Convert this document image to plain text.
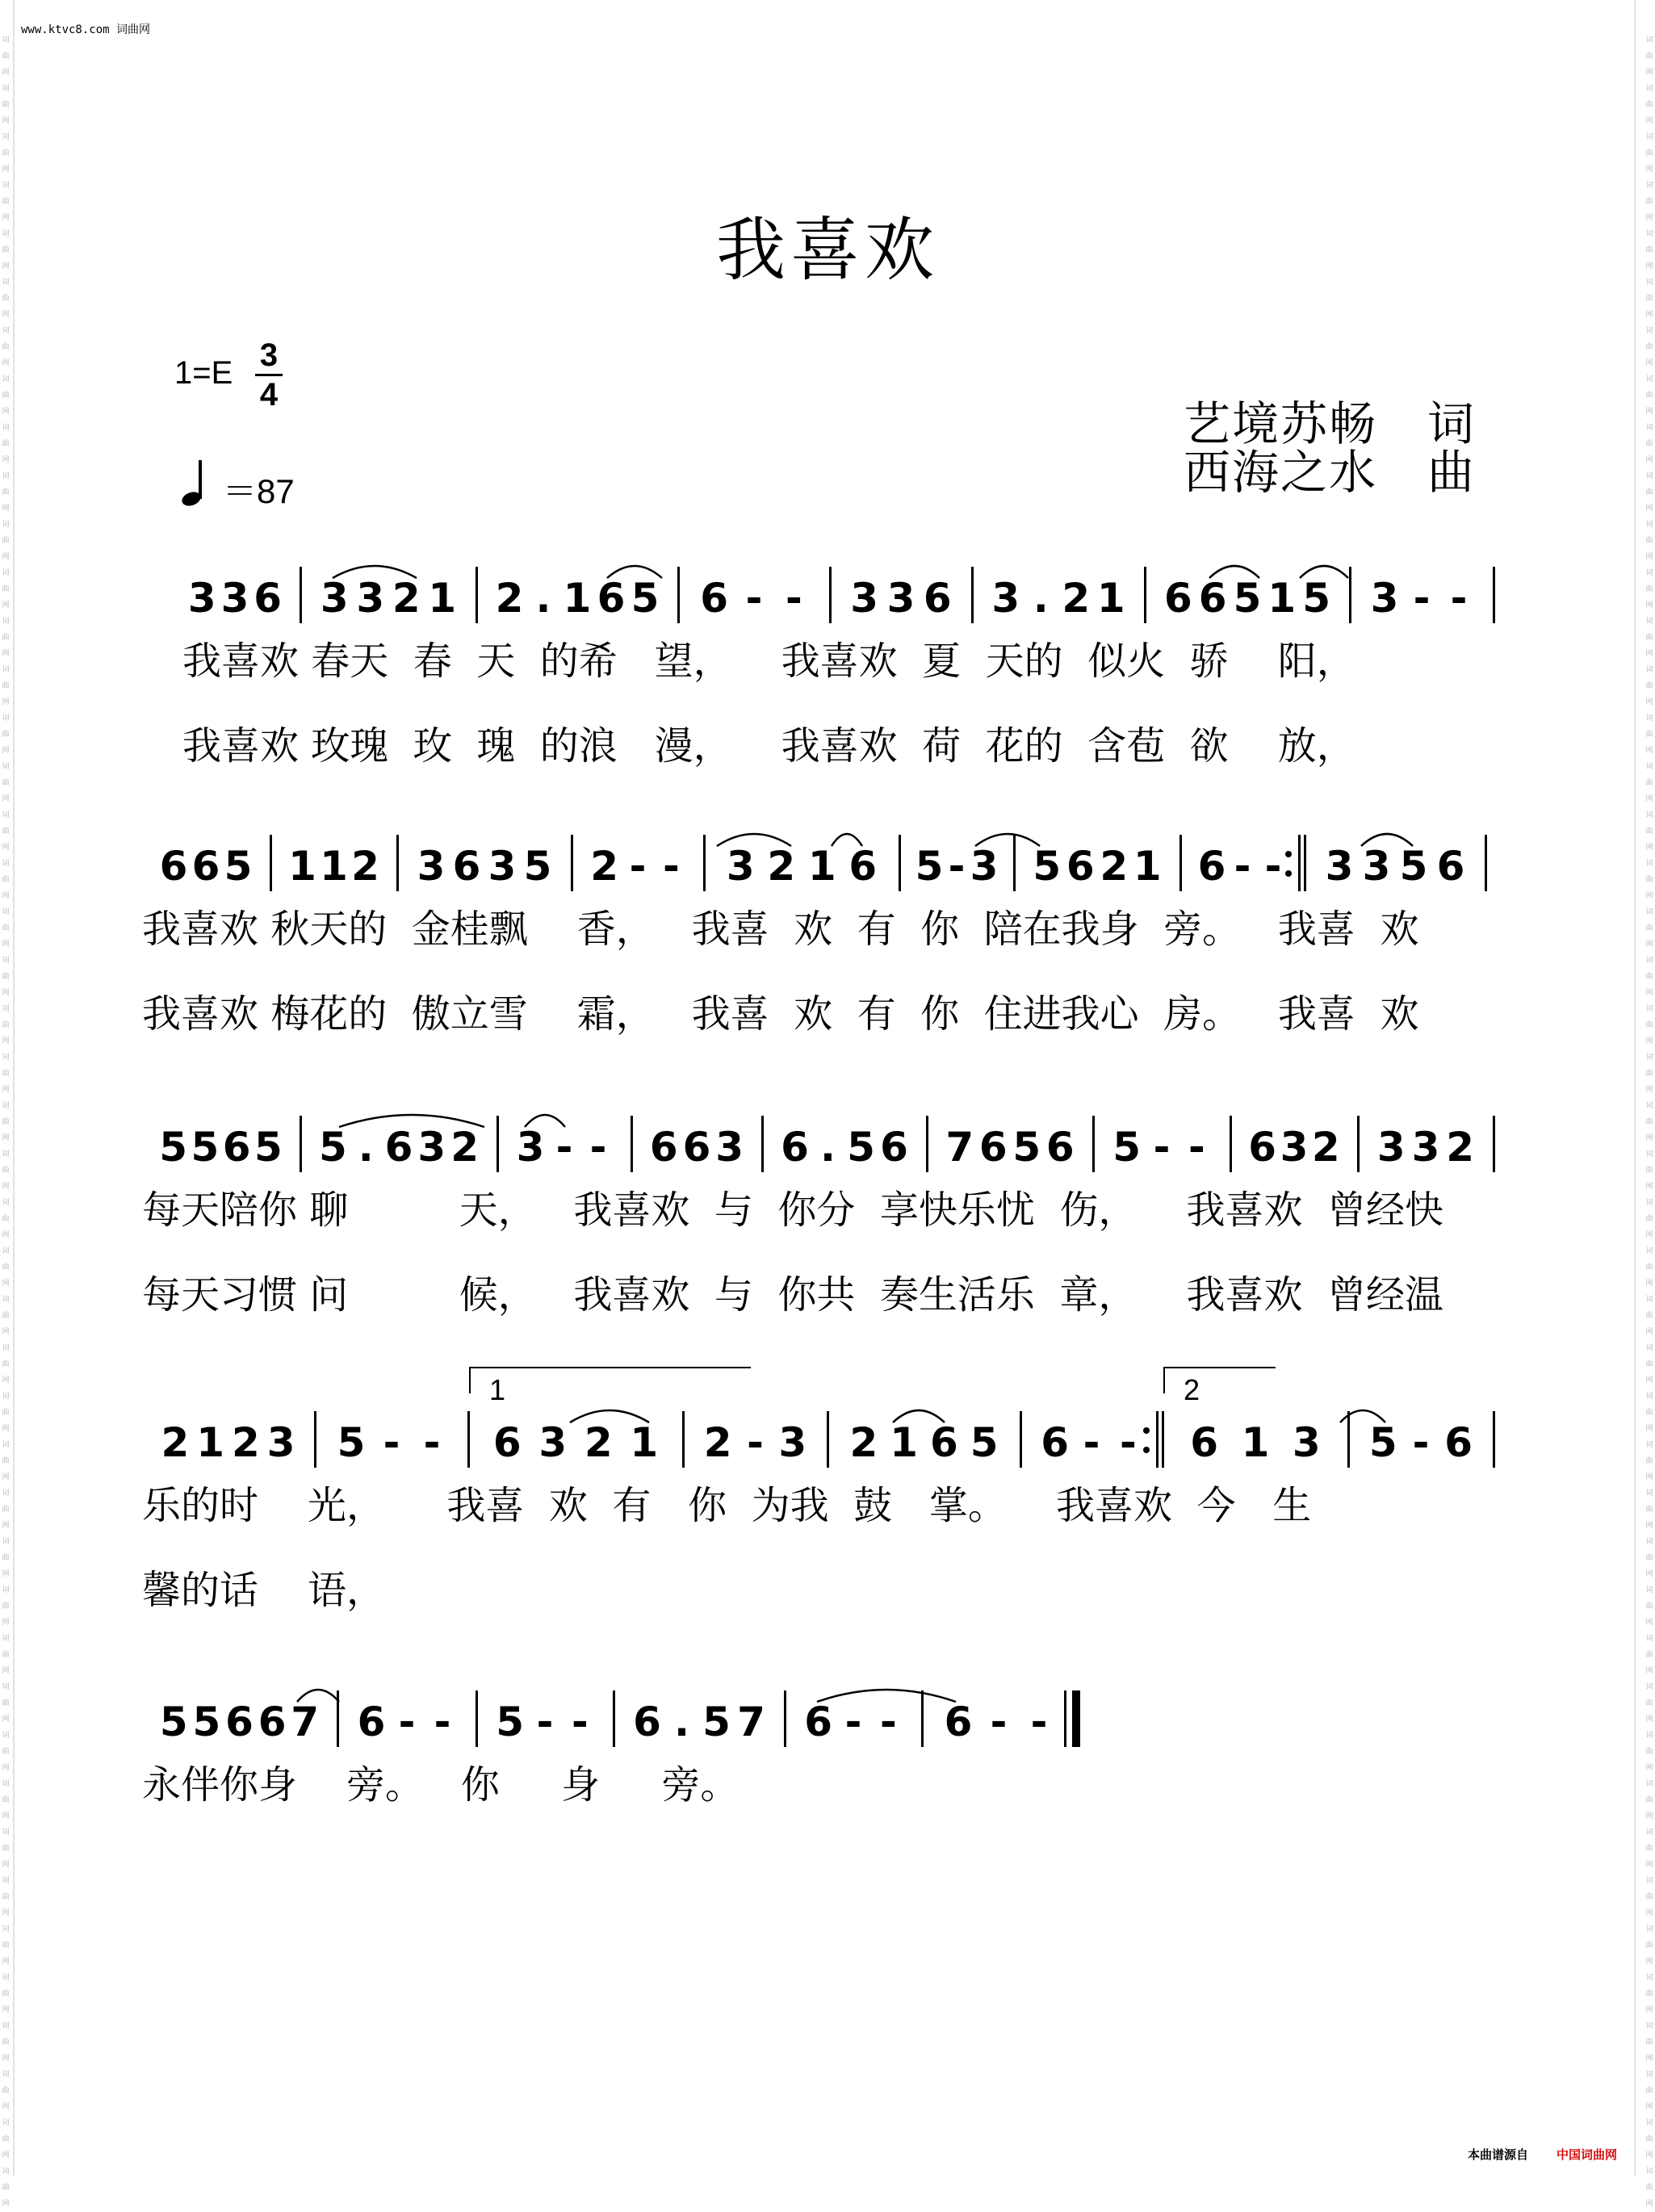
词曲网词曲网词曲网词曲网词曲网词曲网词曲网词曲网词曲网词曲网词曲网词曲网词曲网词曲网词曲网词曲网词曲网词曲网词曲网词曲网词曲网词曲网词曲网词曲网词曲网词曲网词曲网词曲网词曲网词曲网词曲网词曲网词曲网词曲网词曲网词曲网词曲网词曲网词曲网词曲网词曲网词曲网词曲网词曲网词曲网
词曲网词曲网词曲网词曲网词曲网词曲网词曲网词曲网词曲网词曲网词曲网词曲网词曲网词曲网词曲网词曲网词曲网词曲网词曲网词曲网词曲网词曲网词曲网词曲网词曲网词曲网词曲网词曲网词曲网词曲网词曲网词曲网词曲网词曲网词曲网词曲网词曲网词曲网词曲网词曲网词曲网词曲网词曲网词曲网词曲网
www.ktvc8.com 词曲网
我喜欢
1=E 3
4
＝87
艺境苏畅 词
西海之水 曲
3 3 6 3 3 2 1 2 . 1 6 5 6 - - 3 3 6 3 . 2 1 6 6 5 1 5 3 - -
6 6 5 1 1 2 3 6 3 5 2 - - 3 2 1 6 5 - 3 5 6 2 1 6 - - 3 3 5 6
5 5 6 5 5 . 6 3 2 3 - - 6 6 3 6 . 5 6 7 6 5 6 5 - - 6 3 2 3 3 2
2 1 2 3 5 - - 6 3 2 1 2 - 3 2 1 6 5 6 - - 6 1 3 5 - 6
1	2
5 5 6 6 7 6 - - 5 - - 6 . 5 7 6 - - 6 - -
我喜欢 春天  春  天  的希   望，    我喜欢  夏  天的  似火  骄    阳，
我喜欢 玫瑰  玫  瑰  的浪   漫，    我喜欢  荷  花的  含苞  欲    放，
我喜欢 秋天的  金桂飘    香，   我喜  欢  有  你  陪在我身  旁。   我喜  欢
我喜欢 梅花的  傲立雪    霜，   我喜  欢  有  你  住进我心  房。   我喜  欢
每天陪你 聊         天，   我喜欢  与  你分  享快乐忧  伤，    我喜欢  曾经快
每天习惯 问         候，   我喜欢  与  你共  奏生活乐  章，    我喜欢  曾经温
乐的时    光，     我喜  欢  有   你  为我  鼓   掌。    我喜欢  今   生
馨的话    语，
永伴你身    旁。   你     身     旁。
本曲谱源自 中国词曲网
